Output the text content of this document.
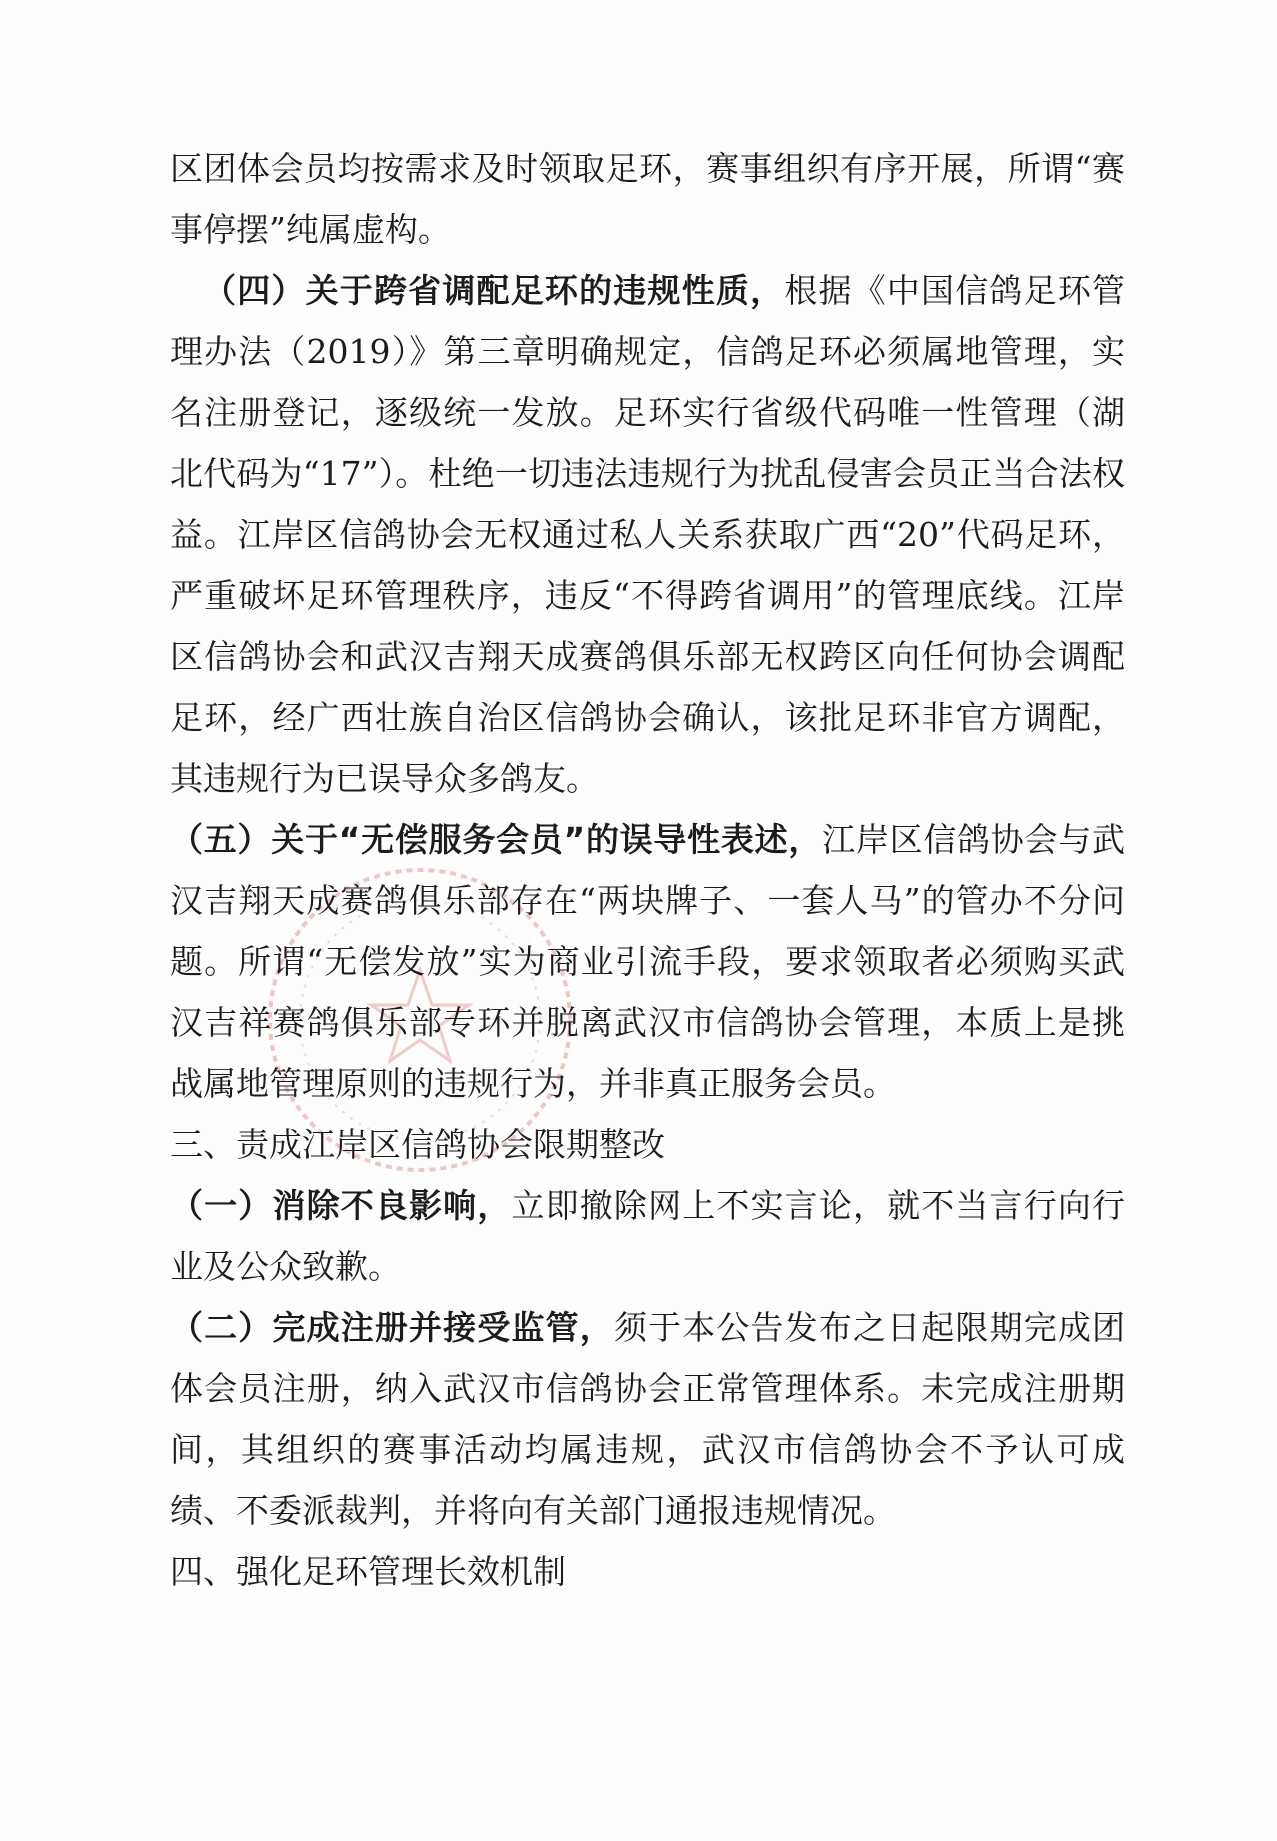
区团体会员均按需求及时领取足环，赛事组织有序开展，所谓“赛事停摆”纯属虚构。

（四）关于跨省调配足环的违规性质，根据《中国信鸽足环管理办法（2019）》第三章明确规定，信鸽足环必须属地管理，实名注册登记，逐级统一发放。足环实行省级代码唯一性管理（湖北代码为“17”）。杜绝一切违法违规行为扰乱侵害会员正当合法权益。江岸区信鸽协会无权通过私人关系获取广西“20”代码足环，严重破坏足环管理秩序，违反“不得跨省调用”的管理底线。江岸区信鸽协会和武汉吉翔天成赛鸽俱乐部无权跨区向任何协会调配足环，经广西壮族自治区信鸽协会确认，该批足环非官方调配，其违规行为已误导众多鸽友。

（五）关于“无偿服务会员”的误导性表述，江岸区信鸽协会与武汉吉翔天成赛鸽俱乐部存在“两块牌子、一套人马”的管办不分问题。所谓“无偿发放”实为商业引流手段，要求领取者必须购买武汉吉祥赛鸽俱乐部专环并脱离武汉市信鸽协会管理，本质上是挑战属地管理原则的违规行为，并非真正服务会员。

三、责成江岸区信鸽协会限期整改

（一）消除不良影响，立即撤除网上不实言论，就不当言行向行业及公众致歉。

（二）完成注册并接受监管，须于本公告发布之日起限期完成团体会员注册，纳入武汉市信鸽协会正常管理体系。未完成注册期间，其组织的赛事活动均属违规，武汉市信鸽协会不予认可成绩、不委派裁判，并将向有关部门通报违规情况。

四、强化足环管理长效机制
